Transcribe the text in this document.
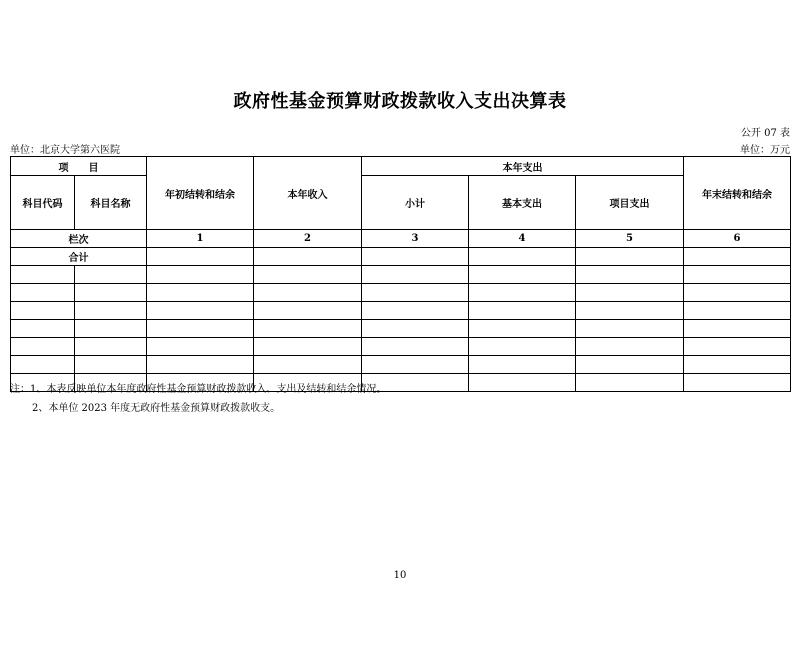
政府性基金预算财政拨款收入支出决算表
公开 07 表
单位：北京大学第六医院	单位：万元
项　　目		年初结转和结余	本年收入	本年支出			年末结转和结余
科目代码	科目名称			小计	基本支出	项目支出	
栏次		1	2	3	4	5	6
合计							

注：1、本表反映单位本年度政府性基金预算财政拨款收入、支出及结转和结余情况。
2、本单位 2023 年度无政府性基金预算财政拨款收支。
10
